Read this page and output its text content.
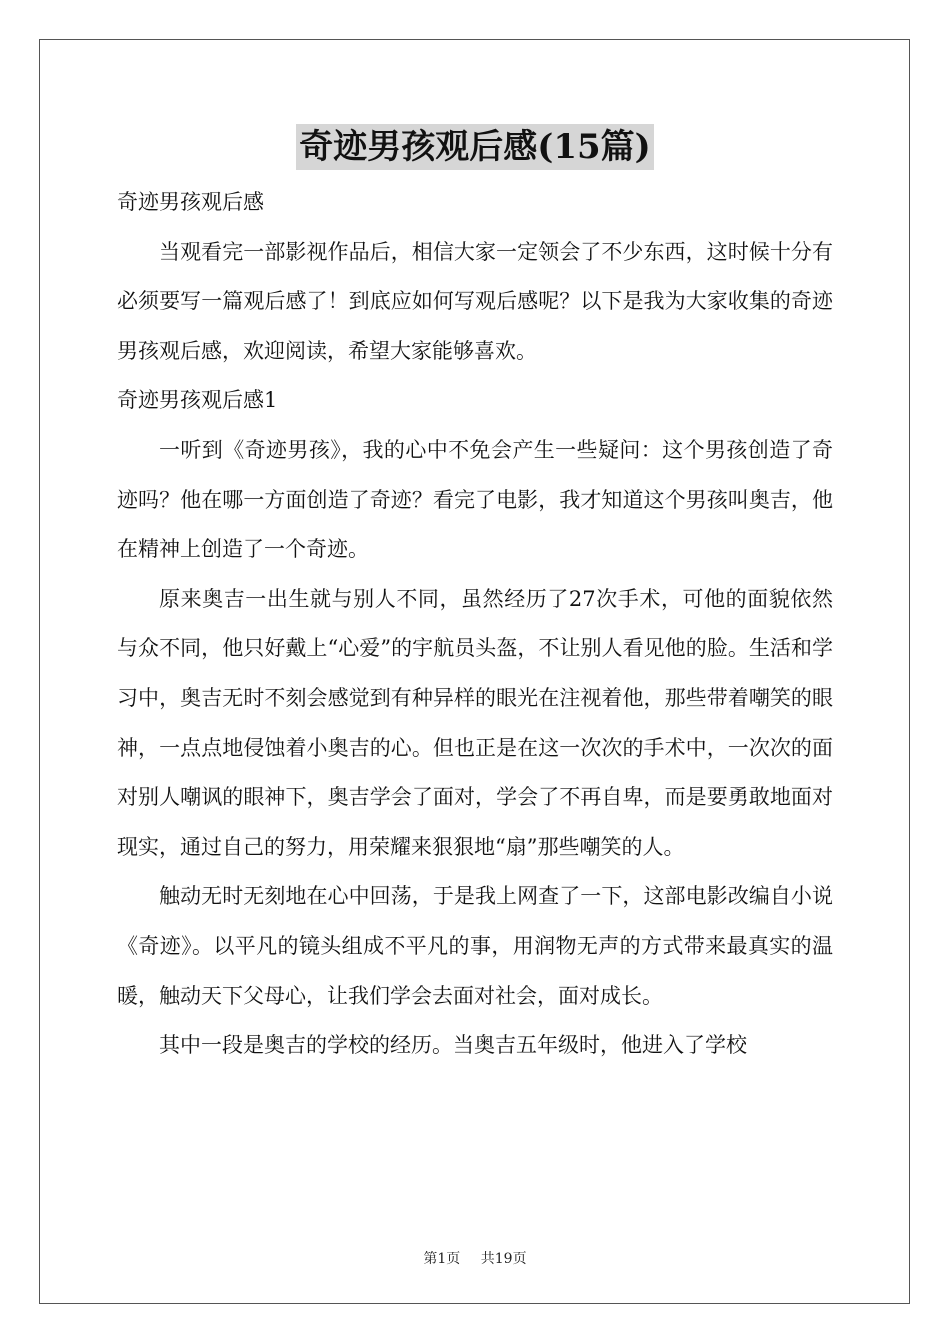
奇迹男孩观后感(15篇)

奇迹男孩观后感

当观看完一部影视作品后，相信大家一定领会了不少东西，这时候十分有必须要写一篇观后感了！到底应如何写观后感呢？以下是我为大家收集的奇迹男孩观后感，欢迎阅读，希望大家能够喜欢。

奇迹男孩观后感1

一听到《奇迹男孩》，我的心中不免会产生一些疑问：这个男孩创造了奇迹吗？他在哪一方面创造了奇迹？看完了电影，我才知道这个男孩叫奥吉，他在精神上创造了一个奇迹。

原来奥吉一出生就与别人不同，虽然经历了27次手术，可他的面貌依然与众不同，他只好戴上“心爱”的宇航员头盔，不让别人看见他的脸。生活和学习中，奥吉无时不刻会感觉到有种异样的眼光在注视着他，那些带着嘲笑的眼神，一点点地侵蚀着小奥吉的心。但也正是在这一次次的手术中，一次次的面对别人嘲讽的眼神下，奥吉学会了面对，学会了不再自卑，而是要勇敢地面对现实，通过自己的努力，用荣耀来狠狠地“扇”那些嘲笑的人。

触动无时无刻地在心中回荡，于是我上网查了一下，这部电影改编自小说《奇迹》。以平凡的镜头组成不平凡的事，用润物无声的方式带来最真实的温暖，触动天下父母心，让我们学会去面对社会，面对成长。

其中一段是奥吉的学校的经历。当奥吉五年级时，他进入了学校

第1页 共19页
